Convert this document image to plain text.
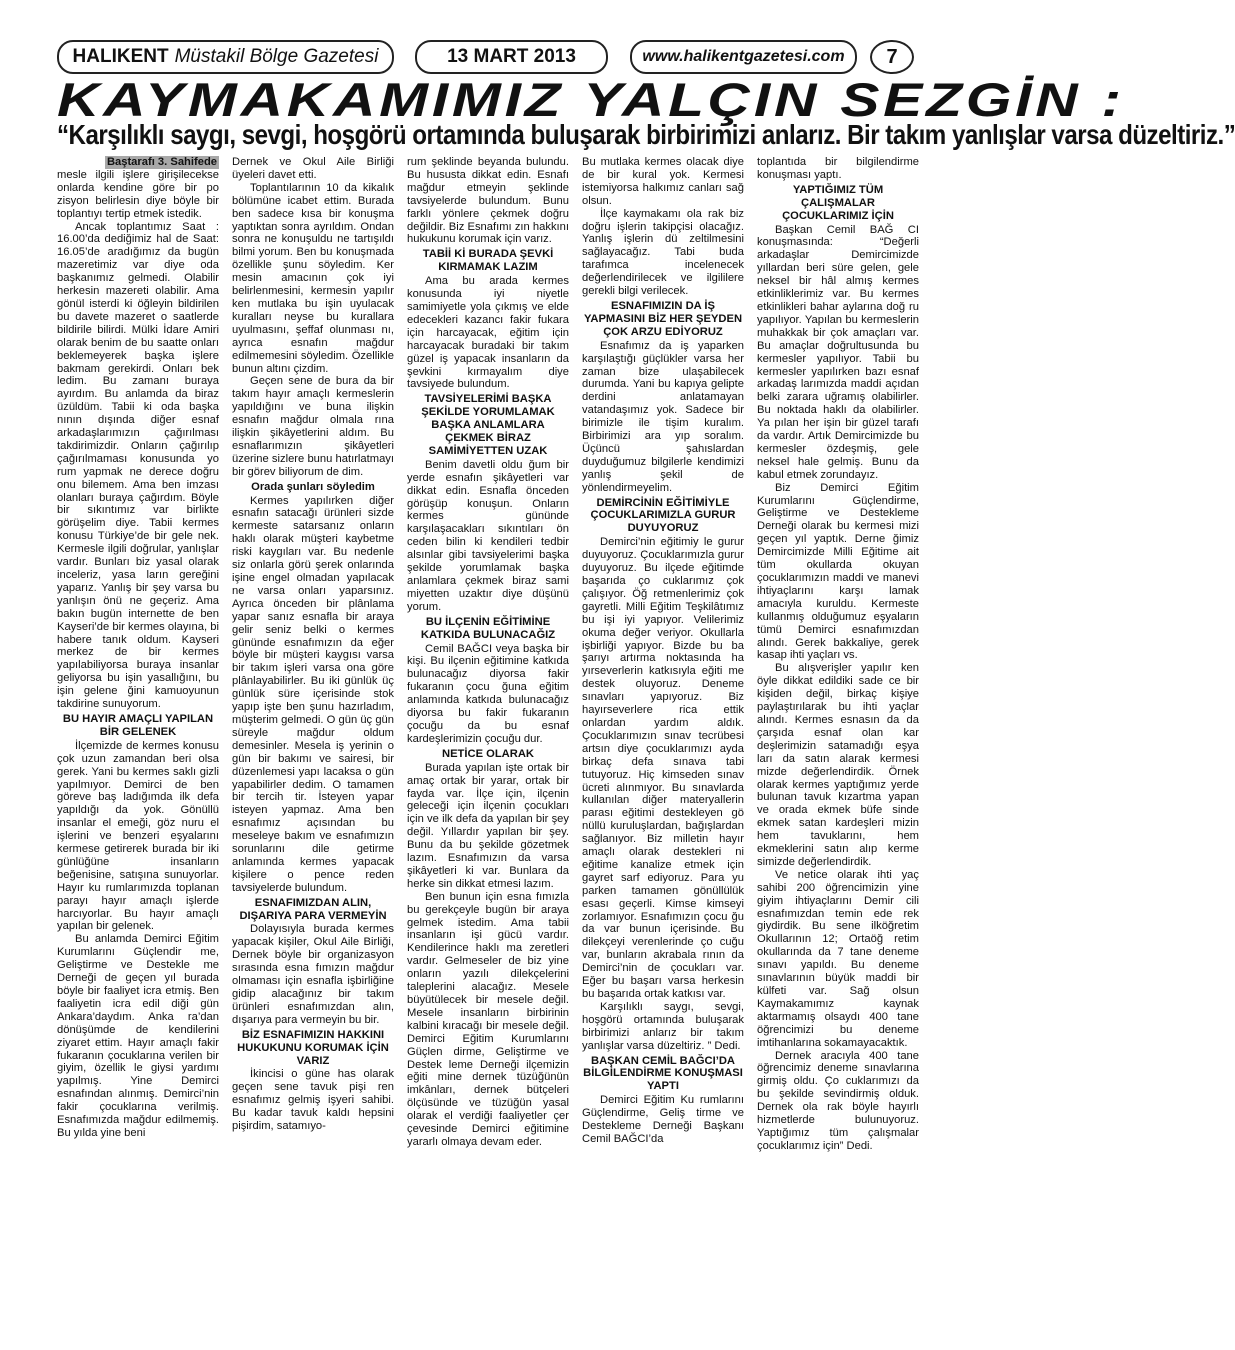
HALIKENT Müstakil Bölge Gazetesi	13 MART 2013	www.halikentgazetesi.com	7
KAYMAKAMIMIZ YALÇIN SEZGİN :
“Karşılıklı saygı, sevgi, hoşgörü ortamında buluşarak birbirimizi anlarız. Bir takım yanlışlar varsa düzeltiriz.”

Baştarafı 3. Sahifede

mesle ilgili işlere girişilecekse onlarda kendine göre bir po zisyon belirlesin diye böyle bir toplantıyı tertip etmek istedik.

Ancak toplantımız Saat : 16.00’da dediğimiz hal de Saat: 16.05’de aradığımız da bugün mazeretimiz var diye oda başkanımız gelmedi. Olabilir herkesin mazereti olabilir. Ama gönül isterdi ki öğleyin bildirilen bu davete mazeret o saatlerde bildirile bilirdi. Mülki İdare Amiri olarak benim de bu saatte onları beklemeyerek başka işlere bakmam gerekirdi. Onları bek ledim. Bu zamanı buraya ayırdım. Bu anlamda da biraz üzüldüm. Tabii ki oda başka nının dışında diğer esnaf arkadaşlarımızın çağırılması takdirimizdir. Onların çağırılıp çağırılmaması konusunda yo rum yapmak ne derece doğru onu bilemem. Ama ben imzası olanları buraya çağırdım. Böyle bir sıkıntımız var birlikte görüşelim diye. Tabii kermes konusu Türkiye’de bir gele nek. Kermesle ilgili doğrular, yanlışlar vardır. Bunları biz yasal olarak inceleriz, yasa ların gereğini yaparız. Yanlış bir şey varsa bu yanlışın önü ne geçeriz. Ama bakın bugün internette de ben Kayseri’de bir kermes olayına, bi habere tanık oldum. Kayseri merkez de bir kermes yapılabiliyorsa buraya insanlar geliyorsa bu işin yasallığını, bu işin gelene ğini kamuoyunun takdirine sunuyorum.

BU HAYIR AMAÇLI YAPILAN BİR GELENEK

İlçemizde de kermes konusu çok uzun zamandan beri olsa gerek. Yani bu kermes saklı gizli yapılmıyor. Demirci de ben göreve baş ladığımda ilk defa yapıldığı da yok. Gönüllü insanlar el emeği, göz nuru el işlerini ve benzeri eşyalarını kermese getirerek burada bir iki günlüğüne insanların beğenisine, satışına sunuyorlar. Hayır ku rumlarımızda toplanan parayı hayır amaçlı işlerde harcıyorlar. Bu hayır amaçlı yapılan bir gelenek.

Bu anlamda Demirci Eğitim Kurumlarını Güçlendir me, Geliştirme ve Destekle me Derneği de geçen yıl burada böyle bir faaliyet icra etmiş. Ben faaliyetin icra edil diği gün Ankara’daydım. Anka ra’dan dönüşümde de kendilerini ziyaret ettim. Hayır amaçlı fakir fukaranın çocuklarına verilen bir giyim, özellik le giysi yardımı yapılmış. Yine Demirci esnafından alınmış. Demirci’nin fakir çocuklarına verilmiş. Esnafımızda mağdur edilmemiş. Bu yılda yine beni

Dernek ve Okul Aile Birliği üyeleri davet etti.

Toplantılarının 10 da kikalık bölümüne icabet ettim. Burada ben sadece kısa bir konuşma yaptıktan sonra ayrıldım. Ondan sonra ne konuşuldu ne tartışıldı bilmi yorum. Ben bu konuşmada özellikle şunu söyledim. Ker mesin amacının çok iyi belirlenmesini, kermesin yapılır ken mutlaka bu işin uyulacak kuralları neyse bu kurallara uyulmasını, şeffaf olunması nı, ayrıca esnafın mağdur edilmemesini söyledim. Özellikle bunun altını çizdim.

Geçen sene de bura da bir takım hayır amaçlı kermeslerin yapıldığını ve buna ilişkin esnafın mağdur olmala rına ilişkin şikâyetlerini aldım. Bu esnaflarımızın şikâyetleri üzerine sizlere bunu hatırlatmayı bir görev biliyorum de dim.

Orada şunları söyledim

Kermes yapılırken diğer esnafın satacağı ürünleri sizde kermeste satarsanız onların haklı olarak müşteri kaybetme riski kaygıları var. Bu nedenle siz onlarla görü şerek onlarında işine engel olmadan yapılacak ne varsa onları yaparsınız. Ayrıca önceden bir plânlama yapar sanız esnafla bir araya gelir seniz belki o kermes gününde esnafımızın da eğer böyle bir müşteri kaygısı varsa bir takım işleri varsa ona göre plânlayabilirler. Bu iki günlük üç günlük süre içerisinde stok yapıp işte ben şunu hazırladım, müşterim gelmedi. O gün üç gün süreyle mağdur oldum demesinler. Mesela iş yerinin o gün bir bakımı ve sairesi, bir düzenlemesi yapı lacaksa o gün yapabilirler dedim. O tamamen bir tercih tir. İsteyen yapar isteyen yapmaz. Ama ben esnafımız açısından bu meseleye bakım ve esnafımızın sorunlarını dile getirme anlamında kermes yapacak kişilere o pence reden tavsiyelerde bulundum.

ESNAFIMIZDAN ALIN, DIŞARIYA PARA VERMEYİN

Dolayısıyla burada kermes yapacak kişiler, Okul Aile Birliği, Dernek böyle bir organizasyon sırasında esna fımızın mağdur olmaması için esnafla işbirliğine gidip alacağınız bir takım ürünleri esnafımızdan alın, dışarıya para vermeyin bu bir.

BİZ ESNAFIMIZIN HAKKINI HUKUKUNU KORUMAK İÇİN VARIZ

İkincisi o güne has olarak geçen sene tavuk pişi ren esnafımız gelmiş işyeri sahibi. Bu kadar tavuk kaldı hepsini pişirdim, satamıyo-

rum şeklinde beyanda bulundu. Bu hususta dikkat edin. Esnafı mağdur etmeyin şeklinde tavsiyelerde bulundum. Bunu farklı yönlere çekmek doğru değildir. Biz Esnafımı zın hakkını hukukunu korumak için varız.

TABİİ Kİ BURADA ŞEVKİ KIRMAMAK LAZIM

Ama bu arada kermes konusunda iyi niyetle samimiyetle yola çıkmış ve elde edecekleri kazancı fakir fukara için harcayacak, eğitim için harcayacak buradaki bir takım güzel iş yapacak insanların da şevkini kırmayalım diye tavsiyede bulundum.

TAVSİYELERİMİ BAŞKA ŞEKİLDE YORUMLAMAK BAŞKA ANLAMLARA ÇEKMEK BİRAZ SAMİMİYETTEN UZAK

Benim davetli oldu ğum bir yerde esnafın şikâyetleri var dikkat edin. Esnafla önceden görüşüp konuşun. Onların kermes gününde karşılaşacakları sıkıntıları ön ceden bilin ki kendileri tedbir alsınlar gibi tavsiyelerimi başka şekilde yorumlamak başka anlamlara çekmek biraz sami miyetten uzaktır diye düşünü yorum.

BU İLÇENİN EĞİTİMİNE KATKIDA BULUNACAĞIZ

Cemil BAĞCI veya başka bir kişi. Bu ilçenin eğitimine katkıda bulunacağız diyorsa fakir fukaranın çocu ğuna eğitim anlamında katkıda bulunacağız diyorsa bu fakir fukaranın çocuğu da bu esnaf kardeşlerimizin çocuğu dur.

NETİCE OLARAK

Burada yapılan işte ortak bir amaç ortak bir yarar, ortak bir fayda var. İlçe için, ilçenin geleceği için ilçenin çocukları için ve ilk defa da yapılan bir şey değil. Yıllardır yapılan bir şey. Bunu da bu şekilde gözetmek lazım. Esnafımızın da varsa şikâyetleri ki var. Bunlara da herke sin dikkat etmesi lazım.

Ben bunun için esna fımızla bu gerekçeyle bugün bir araya gelmek istedim. Ama tabii insanların işi gücü vardır. Kendilerince haklı ma zeretleri vardır. Gelmeseler de biz yine onların yazılı dilekçelerini taleplerini alacağız. Mesele büyütülecek bir mesele değil. Mesele insanların birbirinin kalbini kıracağı bir mesele değil. Demirci Eğitim Kurumlarını Güçlen dirme, Geliştirme ve Destek leme Derneği ilçemizin eğiti mine dernek tüzüğünün imkânları, dernek bütçeleri ölçüsünde ve tüzüğün yasal olarak el verdiği faaliyetler çer çevesinde Demirci eğitimine yararlı olmaya devam eder.

Bu mutlaka kermes olacak diye de bir kural yok. Kermesi istemiyorsa halkımız canları sağ olsun.

İlçe kaymakamı ola rak biz doğru işlerin takipçisi olacağız. Yanlış işlerin dü zeltilmesini sağlayacağız. Tabi buda tarafımca incelenecek değerlendirilecek ve ilgililere gerekli bilgi verilecek.

ESNAFIMIZIN DA İŞ YAPMASINI BİZ HER ŞEYDEN ÇOK ARZU EDİYORUZ

Esnafımız da iş yaparken karşılaştığı güçlükler varsa her zaman bize ulaşabilecek durumda. Yani bu kapıya gelipte derdini anlatamayan vatandaşımız yok. Sadece bir birimizle ile tişim kuralım. Birbirimizi ara yıp soralım. Üçüncü şahıslardan duyduğumuz bilgilerle kendimizi yanlış şekil de yönlendirmeyelim.

DEMİRCİNİN EĞİTİMİYLE ÇOCUKLARIMIZLA GURUR DUYUYORUZ

Demirci’nin eğitimiy le gurur duyuyoruz. Çocuklarımızla gurur duyuyoruz. Bu ilçede eğitimde başarıda ço cuklarımız çok çalışıyor. Öğ retmenlerimiz çok gayretli. Milli Eğitim Teşkilâtımız bu işi iyi yapıyor. Velilerimiz okuma değer veriyor. Okullarla işbirliği yapıyor. Bizde bu ba şarıyı artırma noktasında ha yırseverlerin katkısıyla eğiti me destek oluyoruz. Deneme sınavları yapıyoruz. Biz hayırseverlere rica ettik onlardan yardım aldık. Çocuklarımızın sınav tecrübesi artsın diye çocuklarımızı ayda birkaç defa sınava tabi tutuyoruz. Hiç kimseden sınav ücreti alınmıyor. Bu sınavlarda kullanılan diğer materyallerin parası eğitimi destekleyen gö nüllü kuruluşlardan, bağışlardan sağlanıyor. Biz milletin hayır amaçlı olarak destekleri ni eğitime kanalize etmek için gayret sarf ediyoruz. Para yu parken tamamen gönüllülük esası geçerli. Kimse kimseyi zorlamıyor. Esnafımızın çocu ğu da var bunun içerisinde. Bu dilekçeyi verenlerinde ço cuğu var, bunların akrabala rının da Demirci’nin de çocukları var. Eğer bu başarı varsa herkesin bu başarıda ortak katkısı var.

Karşılıklı saygı, sevgi, hoşgörü ortamında buluşarak birbirimizi anlarız bir takım yanlışlar varsa düzeltiriz. ” Dedi.

BAŞKAN CEMİL BAĞCI’DA BİLGİLENDİRME KONUŞMASI YAPTI

Demirci Eğitim Ku rumlarını Güçlendirme, Geliş tirme ve Destekleme Derneği Başkanı Cemil BAĞCI’da

toplantıda bir bilgilendirme konuşması yaptı.

YAPTIĞIMIZ TÜM ÇALIŞMALAR ÇOCUKLARIMIZ İÇİN

Başkan Cemil BAĞ CI konuşmasında: “Değerli arkadaşlar Demircimizde yıllardan beri süre gelen, gele neksel bir hâl almış kermes etkinliklerimiz var. Bu kermes etkinlikleri bahar aylarına doğ ru yapılıyor. Yapılan bu kermeslerin muhakkak bir çok amaçları var. Bu amaçlar doğrultusunda bu kermesler yapılıyor. Tabii bu kermesler yapılırken bazı esnaf arkadaş larımızda maddi açıdan belki zarara uğramış olabilirler. Bu noktada haklı da olabilirler. Ya pılan her işin bir güzel tarafı da vardır. Artık Demircimizde bu kermesler özdeşmiş, gele neksel hale gelmiş. Bunu da kabul etmek zorundayız.

Biz Demirci Eğitim Kurumlarını Güçlendirme, Geliştirme ve Destekleme Derneği olarak bu kermesi mizi geçen yıl yaptık. Derne ğimiz Demircimizde Milli Eğitime ait tüm okullarda okuyan çocuklarımızın maddi ve manevi ihtiyaçlarını karşı lamak amacıyla kuruldu. Kermeste kullanmış olduğumuz eşyaların tümü Demirci esnafımızdan alındı. Gerek bakkaliye, gerek kasap ihti yaçları vs.

Bu alışverişler yapılır ken öyle dikkat edildiki sade ce bir kişiden değil, birkaç kişiye paylaştırılarak bu ihti yaçlar alındı. Kermes esnasın da da çarşıda esnaf olan kar deşlerimizin satamadığı eşya ları da satın alarak kermesi mizde değerlendirdik. Örnek olarak kermes yaptığımız yerde bulunan tavuk kızartma yapan ve orada ekmek büfe sinde ekmek satan kardeşleri mizin hem tavuklarını, hem ekmeklerini satın alıp kerme simizde değerlendirdik.

Ve netice olarak ihti yaç sahibi 200 öğrencimizin yine giyim ihtiyaçlarını Demir cili esnafımızdan temin ede rek giydirdik. Bu sene ilköğretim Okullarının 12; Ortaöğ retim okullarında da 7 tane deneme sınavı yapıldı. Bu deneme sınavlarının büyük maddi bir külfeti var. Sağ olsun Kaymakamımız kaynak aktarmamış olsaydı 400 tane öğrencimizi bu deneme imtihanlarına sokamayacaktık.

Dernek aracıyla 400 tane öğrencimiz deneme sınavlarına girmiş oldu. Ço cuklarımızı da bu şekilde sevindirmiş olduk. Dernek ola rak böyle hayırlı hizmetlerde bulunuyoruz. Yaptığımız tüm çalışmalar çocuklarımız için” Dedi.
